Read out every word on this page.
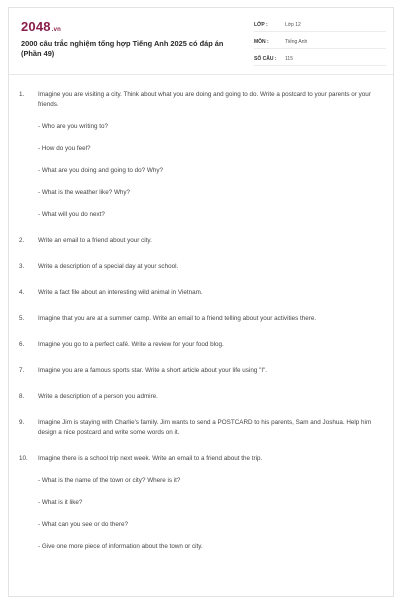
2048.vn
2000 câu trắc nghiệm tổng hợp Tiếng Anh 2025 có đáp án (Phần 49)
LỚP :	Lớp 12
MÔN :	Tiếng Anh
SỐ CÂU :	115
1.	Imagine you are visiting a city. Think about what you are doing and going to do. Write a postcard to your parents or your friends.
- Who are you writing to?
- How do you feel?
- What are you doing and going to do? Why?
- What is the weather like? Why?
- What will you do next?
2.	Write an email to a friend about your city.
3.	Write a description of a special day at your school.
4.	Write a fact file about an interesting wild animal in Vietnam.
5.	Imagine that you are at a summer camp. Write an email to a friend telling about your activities there.
6.	Imagine you go to a perfect café. Write a review for your food blog.
7.	Imagine you are a famous sports star. Write a short article about your life using "I".
8.	Write a description of a person you admire.
9.	Imagine Jim is staying with Charlie's family. Jim wants to send a POSTCARD to his parents, Sam and Joshua. Help him design a nice postcard and write some words on it.
10.	Imagine there is a school trip next week. Write an email to a friend about the trip.
- What is the name of the town or city? Where is it?
- What is it like?
- What can you see or do there?
- Give one more piece of information about the town or city.
